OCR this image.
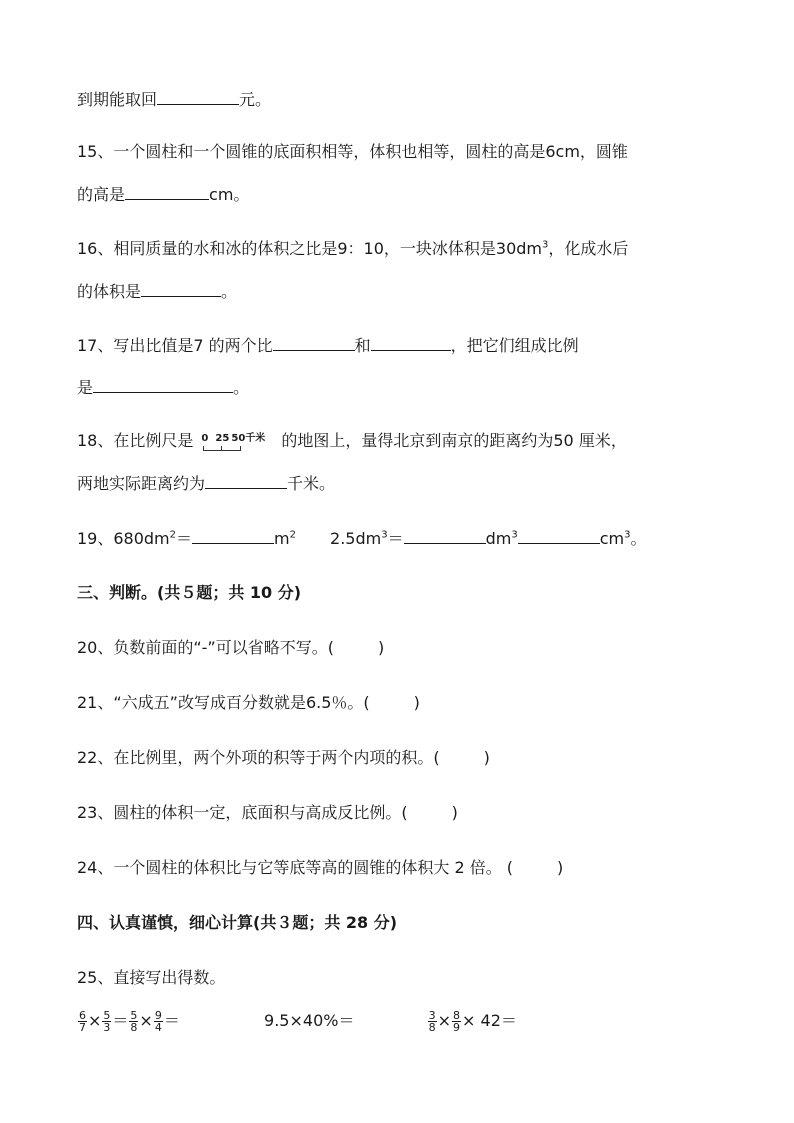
到期能取回	元。
15、一个圆柱和一个圆锥的底面积相等，体积也相等，圆柱的高是6cm，圆锥
的高是	cm。
16、相同质量的水和冰的体积之比是9：10，一块冰体积是$30dm^3$，化成水后
的体积是	。
17、写出比值是7 的两个比	和	，把它们组成比例
是	。
18、在比例尺是 0 25 50千米 的地图上，量得北京到南京的距离约为50 厘米，
两地实际距离约为	千米。
19、$680dm^2=$	$m^2$ $2.5dm^3=$	$dm^3$	$cm^3$。
三、判断。(共５题；共 10 分)
20、负数前面的“-”可以省略不写。(	)
21、“六成五”改写成百分数就是6.5％。(	)
22、在比例里，两个外项的积等于两个内项的积。(	)
23、圆柱的体积一定，底面积与高成反比例。(	)
24、一个圆柱的体积比与它等底等高的圆锥的体积大 2 倍。 (	)
四、认真谨慎，细心计算(共３题；共 28 分)
25、直接写出得数。
$\frac{6}{7} \times \frac{5}{3} = \frac{5}{8} \times \frac{9}{4}$ ＝	9.5×40%＝	$\frac{3}{8} \times \frac{8}{9} \times 42=$
